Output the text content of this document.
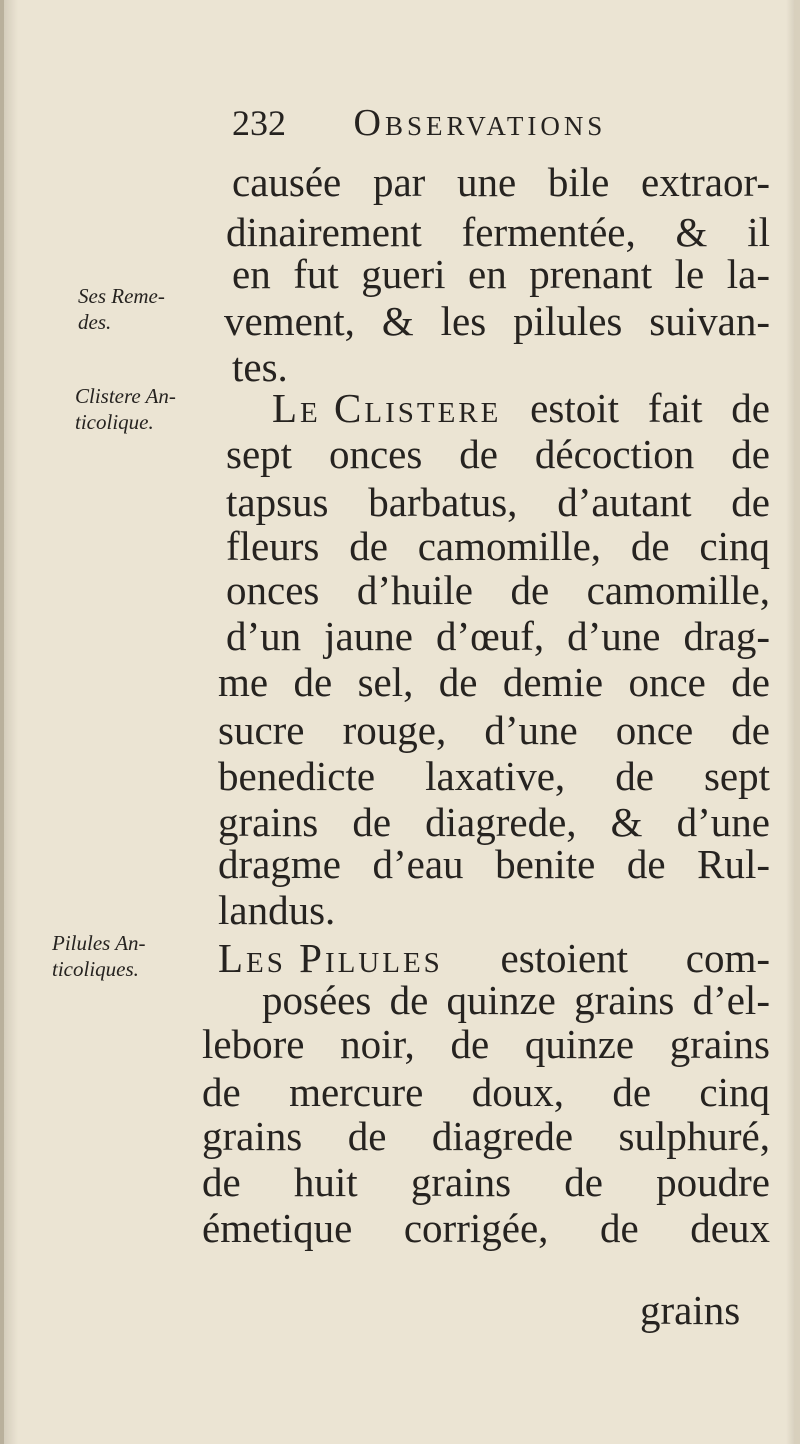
232 Observations
Ses Reme-
des.
Clistere An-
ticolique.
Pilules An-
ticoliques.
causée par une bile extraor-
dinairement fermentée, & il
en fut gueri en prenant le la-
vement, & les pilules suivan-
tes.
Le Clistere estoit fait de
sept onces de décoction de
tapsus barbatus, d’autant de
fleurs de camomille, de cinq
onces d’huile de camomille,
d’un jaune d’œuf, d’une drag-
me de sel, de demie once de
sucre rouge, d’une once de
benedicte laxative, de sept
grains de diagrede, & d’une
dragme d’eau benite de Rul-
landus.
Les Pilules estoient com-
posées de quinze grains d’el-
lebore noir, de quinze grains
de mercure doux, de cinq
grains de diagrede sulphuré,
de huit grains de poudre
émetique corrigée, de deux
grains
